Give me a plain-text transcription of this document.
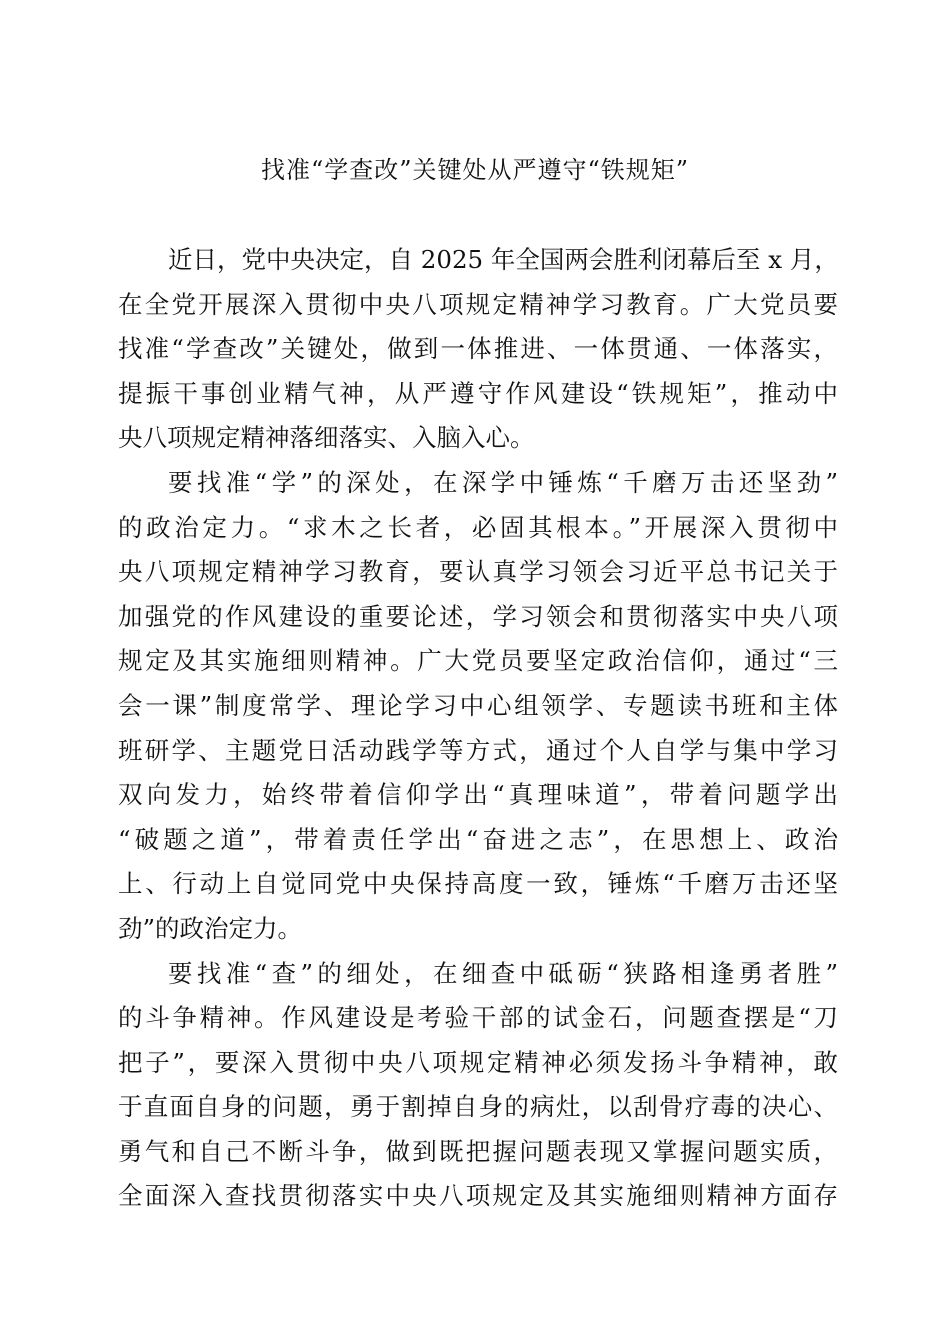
找准“学查改”关键处从严遵守“铁规矩”
近日，党中央决定，自 2025 年全国两会胜利闭幕后至 x 月，
在全党开展深入贯彻中央八项规定精神学习教育。广大党员要
找准“学查改”关键处，做到一体推进、一体贯通、一体落实，
提振干事创业精气神，从严遵守作风建设“铁规矩”，推动中
央八项规定精神落细落实、入脑入心。
要找准“学”的深处，在深学中锤炼“千磨万击还坚劲”
的政治定力。“求木之长者，必固其根本。”开展深入贯彻中
央八项规定精神学习教育，要认真学习领会习近平总书记关于
加强党的作风建设的重要论述，学习领会和贯彻落实中央八项
规定及其实施细则精神。广大党员要坚定政治信仰，通过“三
会一课”制度常学、理论学习中心组领学、专题读书班和主体
班研学、主题党日活动践学等方式，通过个人自学与集中学习
双向发力，始终带着信仰学出“真理味道”，带着问题学出
“破题之道”，带着责任学出“奋进之志”，在思想上、政治
上、行动上自觉同党中央保持高度一致，锤炼“千磨万击还坚
劲”的政治定力。
要找准“查”的细处，在细查中砥砺“狭路相逢勇者胜”
的斗争精神。作风建设是考验干部的试金石，问题查摆是“刀
把子”，要深入贯彻中央八项规定精神必须发扬斗争精神，敢
于直面自身的问题，勇于割掉自身的病灶，以刮骨疗毒的决心、
勇气和自己不断斗争，做到既把握问题表现又掌握问题实质，
全面深入查找贯彻落实中央八项规定及其实施细则精神方面存
